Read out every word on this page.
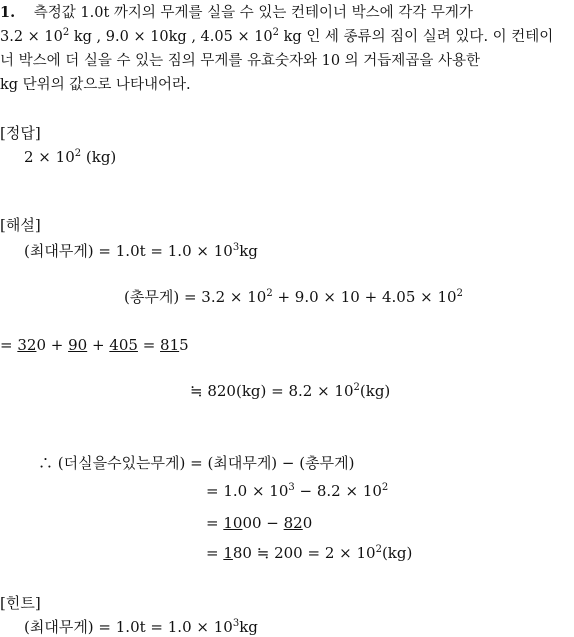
1. 측정값 1.0t 까지의 무게를 실을 수 있는 컨테이너 박스에 각각 무게가
$3.2 \times 10^2$ kg , 9.0 × 10kg , $4.05 \times 10^2$ kg 인 세 종류의 짐이 실려 있다. 이 컨테이
너 박스에 더 실을 수 있는 짐의 무게를 유효숫자와 10 의 거듭제곱을 사용한
kg 단위의 값으로 나타내어라.
[정답]
$2 \times 10^2$ (kg)
[해설]
(최대무게) = $1.0t = 1.0 \times 10^3kg$
(총무게) = $3.2 \times 10^2 + 9.0 \times 10 + 4.05 \times 10^2$
= 320 + 90 + 405 = 815
≒ $820(kg) = 8.2 \times 10^2(kg)$
∴ (더실을수있는무게) = (최대무게) − (총무게)
= $1.0 \times 10^3 - 8.2 \times 10^2$
= 1000 − 820
= 180 ≒ $200 = 2 \times 10^2(kg)$
[힌트]
(최대무게) = $1.0t = 1.0 \times 10^3kg$
